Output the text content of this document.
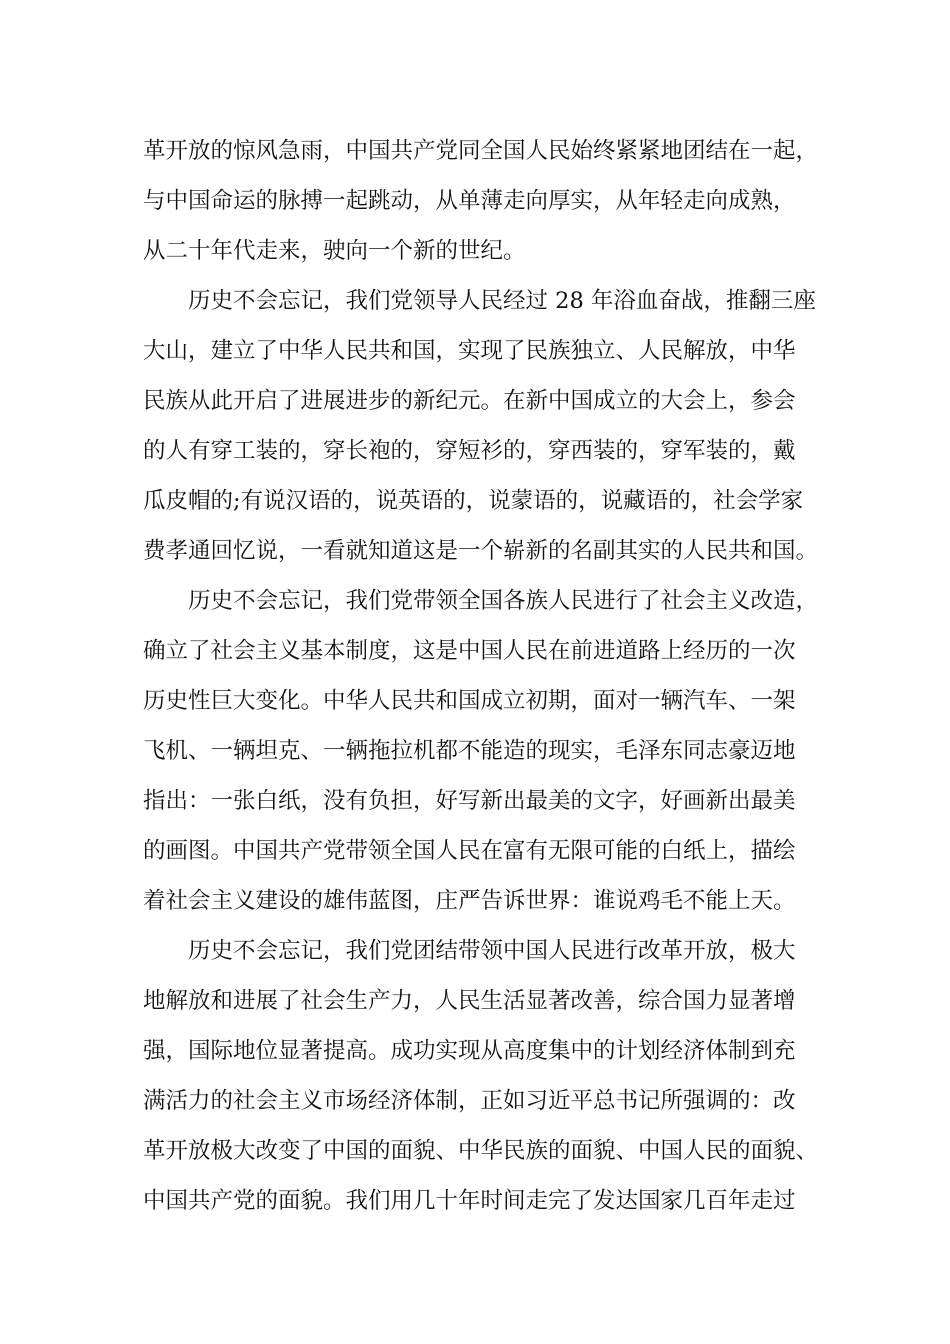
革开放的惊风急雨，中国共产党同全国人民始终紧紧地团结在一起，

与中国命运的脉搏一起跳动，从单薄走向厚实，从年轻走向成熟，

从二十年代走来，驶向一个新的世纪。

历史不会忘记，我们党领导人民经过 28 年浴血奋战，推翻三座

大山，建立了中华人民共和国，实现了民族独立、人民解放，中华

民族从此开启了进展进步的新纪元。在新中国成立的大会上，参会

的人有穿工装的，穿长袍的，穿短衫的，穿西装的，穿军装的，戴

瓜皮帽的;有说汉语的，说英语的，说蒙语的，说藏语的，社会学家

费孝通回忆说，一看就知道这是一个崭新的名副其实的人民共和国。

历史不会忘记，我们党带领全国各族人民进行了社会主义改造，

确立了社会主义基本制度，这是中国人民在前进道路上经历的一次

历史性巨大变化。中华人民共和国成立初期，面对一辆汽车、一架

飞机、一辆坦克、一辆拖拉机都不能造的现实，毛泽东同志豪迈地

指出：一张白纸，没有负担，好写新出最美的文字，好画新出最美

的画图。中国共产党带领全国人民在富有无限可能的白纸上，描绘

着社会主义建设的雄伟蓝图，庄严告诉世界：谁说鸡毛不能上天。

历史不会忘记，我们党团结带领中国人民进行改革开放，极大

地解放和进展了社会生产力，人民生活显著改善，综合国力显著增

强，国际地位显著提高。成功实现从高度集中的计划经济体制到充

满活力的社会主义市场经济体制，正如习近平总书记所强调的：改

革开放极大改变了中国的面貌、中华民族的面貌、中国人民的面貌、

中国共产党的面貌。我们用几十年时间走完了发达国家几百年走过
